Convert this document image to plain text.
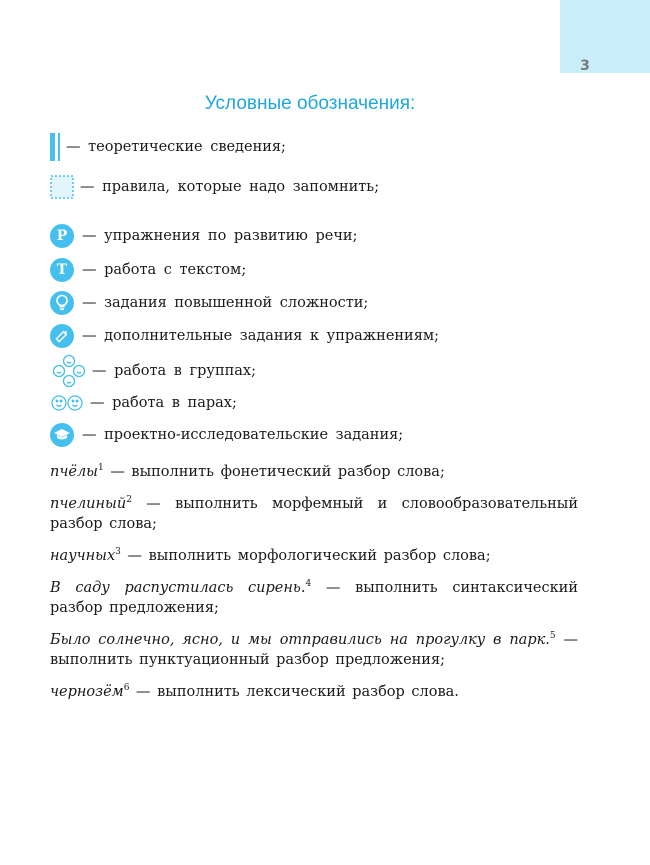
3
Условные обозначения:
— теоретические сведения;
— правила, которые надо запомнить;
Р	— упражнения по развитию речи;
Т	— работа с текстом;
— задания повышенной сложности;
— дополнительные задания к упражнениям;
— работа в группах;
— работа в парах;
— проектно-исследовательские задания;
пчёлы$^1$ — выполнить фонетический разбор слова;
пчелиный$^2$ — выполнить морфемный и словообразовательный разбор слова;
научных$^3$ — выполнить морфологический разбор слова;
В саду распустилась сирень.$^4$ — выполнить синтаксический разбор предложения;
Было солнечно, ясно, и мы отправились на прогулку в парк.$^5$ — выполнить пунктуационный разбор предложения;
чернозём$^6$ — выполнить лексический разбор слова.
